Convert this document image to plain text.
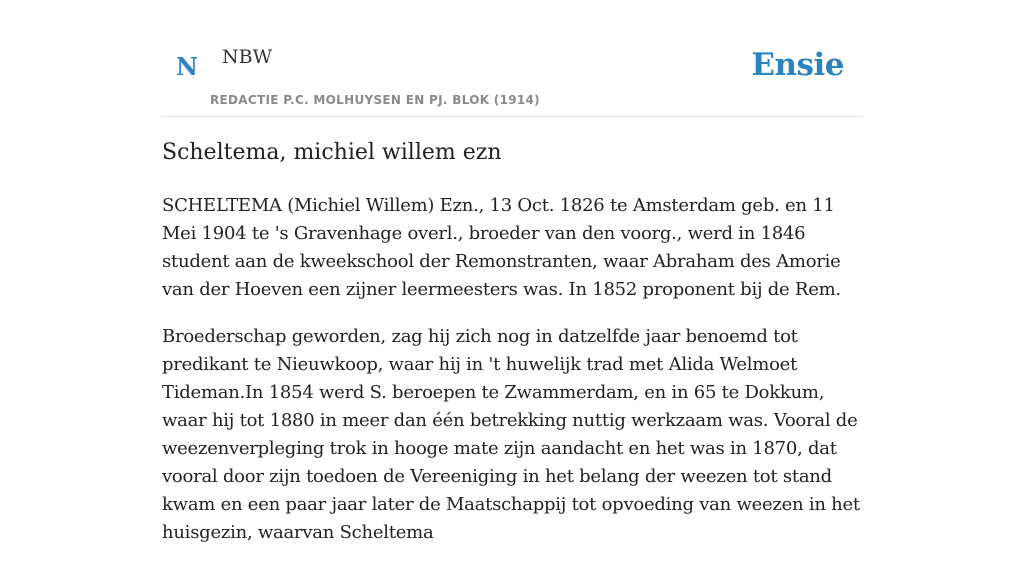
N NBW
REDACTIE P.C. MOLHUYSEN EN PJ. BLOK (1914)
Ensie
Scheltema, michiel willem ezn

SCHELTEMA (Michiel Willem) Ezn., 13 Oct. 1826 te Amsterdam geb. en 11 Mei 1904 te 's Gravenhage overl., broeder van den voorg., werd in 1846 student aan de kweekschool der Remonstranten, waar Abraham des Amorie van der Hoeven een zijner leermeesters was. In 1852 proponent bij de Rem.

Broederschap geworden, zag hij zich nog in datzelfde jaar benoemd tot predikant te Nieuwkoop, waar hij in 't huwelijk trad met Alida Welmoet Tideman.In 1854 werd S. beroepen te Zwammerdam, en in 65 te Dokkum, waar hij tot 1880 in meer dan één betrekking nuttig werkzaam was. Vooral de weezenverpleging trok in hooge mate zijn aandacht en het was in 1870, dat vooral door zijn toedoen de Vereeniging in het belang der weezen tot stand kwam en een paar jaar later de Maatschappij tot opvoeding van weezen in het huisgezin, waarvan Scheltema
